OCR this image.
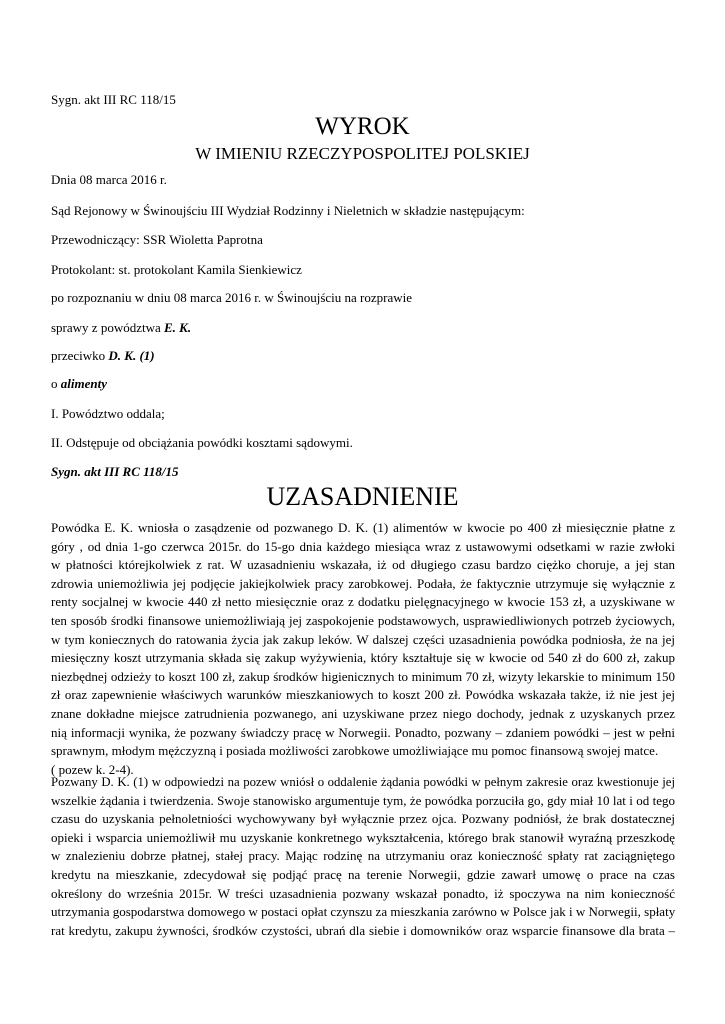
Sygn. akt III RC 118/15
WYROK
W IMIENIU RZECZYPOSPOLITEJ POLSKIEJ
Dnia 08 marca 2016 r.
Sąd Rejonowy w Świnoujściu III Wydział Rodzinny i Nieletnich w składzie następującym:
Przewodniczący: SSR Wioletta Paprotna
Protokolant: st. protokolant Kamila Sienkiewicz
po rozpoznaniu w dniu 08 marca 2016 r. w Świnoujściu na rozprawie
sprawy z powództwa E. K.
przeciwko D. K. (1)
o alimenty
I. Powództwo oddala;
II. Odstępuje od obciążania powódki kosztami sądowymi.
Sygn. akt III RC 118/15
UZASADNIENIE
Powódka E. K. wniosła o zasądzenie od pozwanego D. K. (1) alimentów w kwocie po 400 zł miesięcznie płatne z
góry , od dnia 1-go czerwca 2015r. do 15-go dnia każdego miesiąca wraz z ustawowymi odsetkami w razie zwłoki
w płatności którejkolwiek z rat. W uzasadnieniu wskazała, iż od długiego czasu bardzo ciężko choruje, a jej stan
zdrowia uniemożliwia jej podjęcie jakiejkolwiek pracy zarobkowej. Podała, że faktycznie utrzymuje się wyłącznie z
renty socjalnej w kwocie 440 zł netto miesięcznie oraz z dodatku pielęgnacyjnego w kwocie 153 zł, a uzyskiwane w
ten sposób środki finansowe uniemożliwiają jej zaspokojenie podstawowych, usprawiedliwionych potrzeb życiowych,
w tym koniecznych do ratowania życia jak zakup leków. W dalszej części uzasadnienia powódka podniosła, że na jej
miesięczny koszt utrzymania składa się zakup wyżywienia, który kształtuje się w kwocie od 540 zł do 600 zł, zakup
niezbędnej odzieży to koszt 100 zł, zakup środków higienicznych to minimum 70 zł, wizyty lekarskie to minimum 150
zł oraz zapewnienie właściwych warunków mieszkaniowych to koszt 200 zł. Powódka wskazała także, iż nie jest jej
znane dokładne miejsce zatrudnienia pozwanego, ani uzyskiwane przez niego dochody, jednak z uzyskanych przez
nią informacji wynika, że pozwany świadczy pracę w Norwegii. Ponadto, pozwany – zdaniem powódki – jest w pełni
sprawnym, młodym mężczyzną i posiada możliwości zarobkowe umożliwiające mu pomoc finansową swojej matce.
( pozew k. 2-4).
Pozwany D. K. (1) w odpowiedzi na pozew wniósł o oddalenie żądania powódki w pełnym zakresie oraz kwestionuje jej
wszelkie żądania i twierdzenia. Swoje stanowisko argumentuje tym, że powódka porzuciła go, gdy miał 10 lat i od tego
czasu do uzyskania pełnoletniości wychowywany był wyłącznie przez ojca. Pozwany podniósł, że brak dostatecznej
opieki i wsparcia uniemożliwił mu uzyskanie konkretnego wykształcenia, którego brak stanowił wyraźną przeszkodę
w znalezieniu dobrze płatnej, stałej pracy. Mając rodzinę na utrzymaniu oraz konieczność spłaty rat zaciągniętego
kredytu na mieszkanie, zdecydował się podjąć pracę na terenie Norwegii, gdzie zawarł umowę o prace na czas
określony do września 2015r. W treści uzasadnienia pozwany wskazał ponadto, iż spoczywa na nim konieczność
utrzymania gospodarstwa domowego w postaci opłat czynszu za mieszkania zarówno w Polsce jak i w Norwegii, spłaty
rat kredytu, zakupu żywności, środków czystości, ubrań dla siebie i domowników oraz wsparcie finansowe dla brata –
